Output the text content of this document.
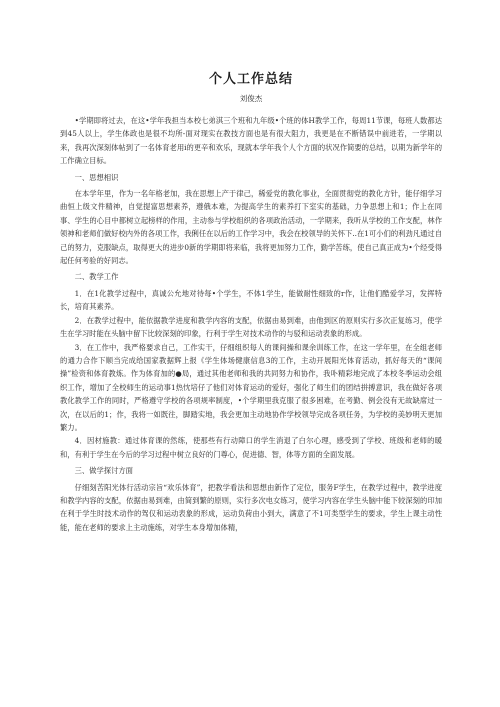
个人工作总结
刘俊杰

•学期即将过去，在这•学年我担当本校七弟淇三个班和九年级•个班的体H教学工作，每周11节课，每班人数都达到45人以上，学生体政也是很不均所-面对现实在教技方面也是有很大阻力，我更是在不断错误中前进若，一学期以来，我再次深刻体帖到了一名体育老用i的更辛和欢乐，现就本学年我个人个方面的状况作简要的总结，以期为新学年的工作确立目标。

一、思想相识

在本学年里，作为一名年格老加，我在思想上产于律己，稀爱党的教化事业，全面贯彻党的教化方针，能仔细学习曲恒上级文件精神，自觉提富思想素养，遵俄本难，为提高学生的素养打下室实的基础，力争思想上和1；作上在同事、学生的心目中都树立起榜样的作用，主动参与学校组织的各项政治活动，一学期来，我听从学校的工作支配，林作领神和老师们做好校内外的各项工作，我俐任在以后的工作学习中，我会在校领导的关怀下..在1可小们的利劲凡通过自己的努力，克服缺点，取得更大的进步0新的学期即将来临，我将更加努力工作，勤学苦练，使自己真正成为•个经受得起任何考验的好同志。

二、教学工作

1．在1化教学过程中，真诚公允地对待每•个学生，不体1学生，能做耐性细致的r作，让他们酷爱学习，发挥特长，培育其素养。

2．在教学过程中，能依据教学进度和教学内容的支配，依据由易到难，由他到区的原则实行多次正复练习，使学生在学习时能在头脑中留下比较深刻的印象，行利于学生对技术动作的与驳和运动表象的形成。

3．在工作中，我严格要求自己，工作实干，仔细组织每人的课间操和课余训练工作，在这一学年里，在全组老师的通力合作下顺当完成给国家教据辉上报《学生体场健康信息3的工作，主动开展阳光体育活动，抓好每天的“课间操”检资和体育教炼。作为体育加的●局，通过其他老师和我的共同努力和协作，我卟精彩地完成了本校冬季运动会组织工作，增加了全校师生的运动事1热忱培仔了他们对体育运动的爱好，强化了师生们的团结拼搏意识，我在做好各项教化教学工作的同时，严格遵守学校的各项规率制度，•个学期里我克服了很多困难，在考勤、例会没有无故缺席过一次，在以后的1；作，我将一如既往，脚踏实地，我会更加主动地协作学校领导完成各项任务，为学校的美妙明天更加繁力。

4．因材施教：通过体育课的然练，使那些有行动障口的学生消退了白尔心理，感受到了学校、班级和老师的暖和，有利于学生在今后的学习过程中树立良好的门尊心，促进德、智，体等方面的全面发展。

三、做学探讨方面

仔细刻苦阳光体行活动宗旨“欢乐体育”，把教学看法和思想由新作了定位，服务F学生，在教学过程中，教学进度和教学内容的支配，依据由易到难，由简到繁的原则，实行多次电女练习，使学习内容在学生头脑中能下较深刻的印加在利于学生时技术动作的驾仅和运动表象的形成，运动负荷由小到大，满意了不1可类型学生的要求，学生上课主动性能，能在老师的要求上主动施练，对学生本身增加体精，
